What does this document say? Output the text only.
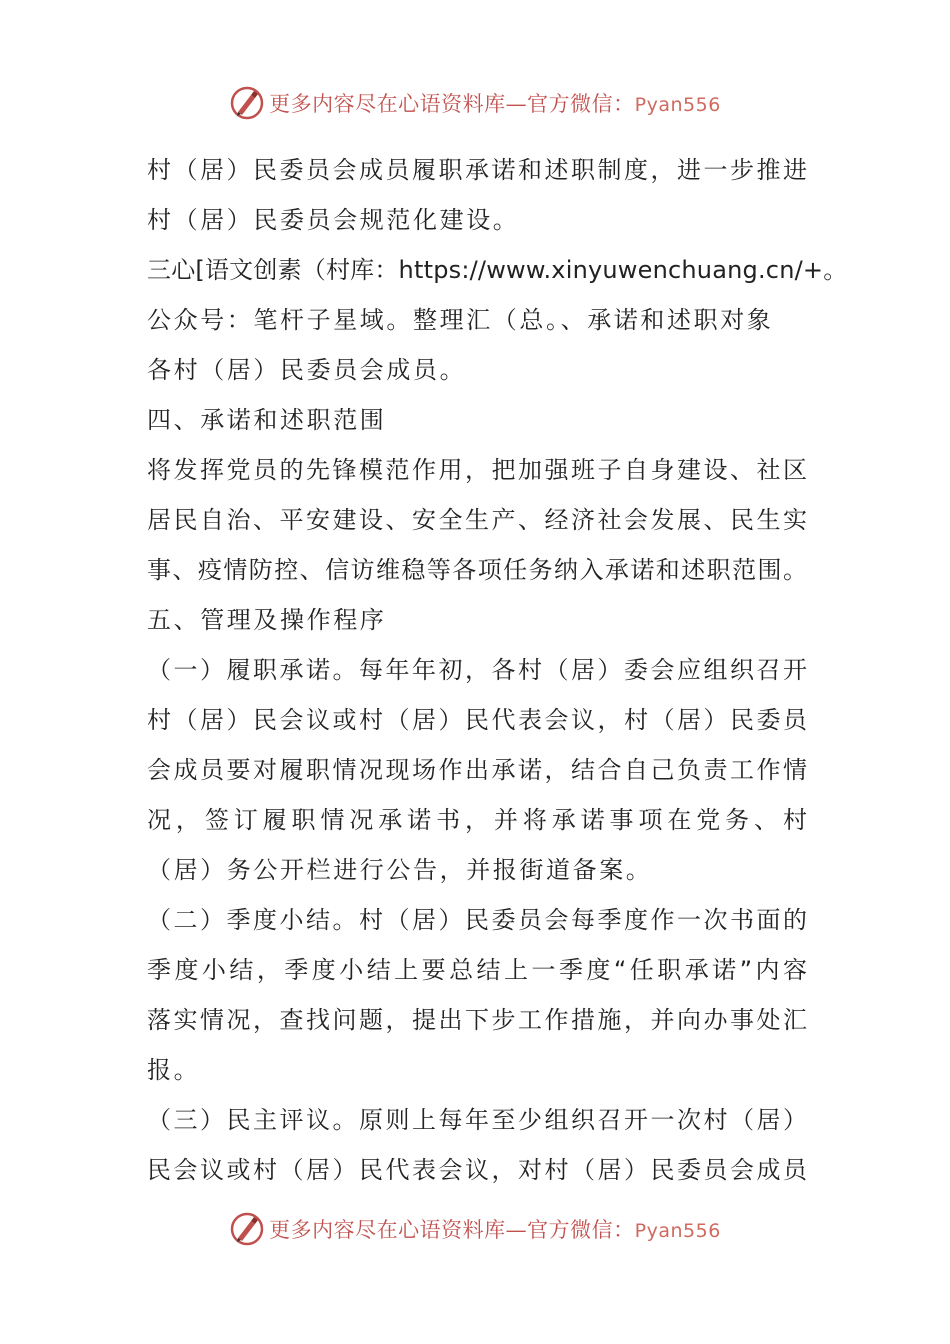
更多内容尽在心语资料库—官方微信：Pyan556
村（居）民委员会成员履职承诺和述职制度，进一步推进
村（居）民委员会规范化建设。
三心[语文创素（村库：https://www.xinyuwenchuang.cn/+。
公众号：笔杆子星域。整理汇（总。、承诺和述职对象
各村（居）民委员会成员。
四、承诺和述职范围
将发挥党员的先锋模范作用，把加强班子自身建设、社区
居民自治、平安建设、安全生产、经济社会发展、民生实
事、疫情防控、信访维稳等各项任务纳入承诺和述职范围。
五、管理及操作程序
（一）履职承诺。每年年初，各村（居）委会应组织召开
村（居）民会议或村（居）民代表会议，村（居）民委员
会成员要对履职情况现场作出承诺，结合自己负责工作情
况，签订履职情况承诺书，并将承诺事项在党务、村
（居）务公开栏进行公告，并报街道备案。
（二）季度小结。村（居）民委员会每季度作一次书面的
季度小结，季度小结上要总结上一季度“任职承诺”内容
落实情况，查找问题，提出下步工作措施，并向办事处汇
报。
（三）民主评议。原则上每年至少组织召开一次村（居）
民会议或村（居）民代表会议，对村（居）民委员会成员
更多内容尽在心语资料库—官方微信：Pyan556
